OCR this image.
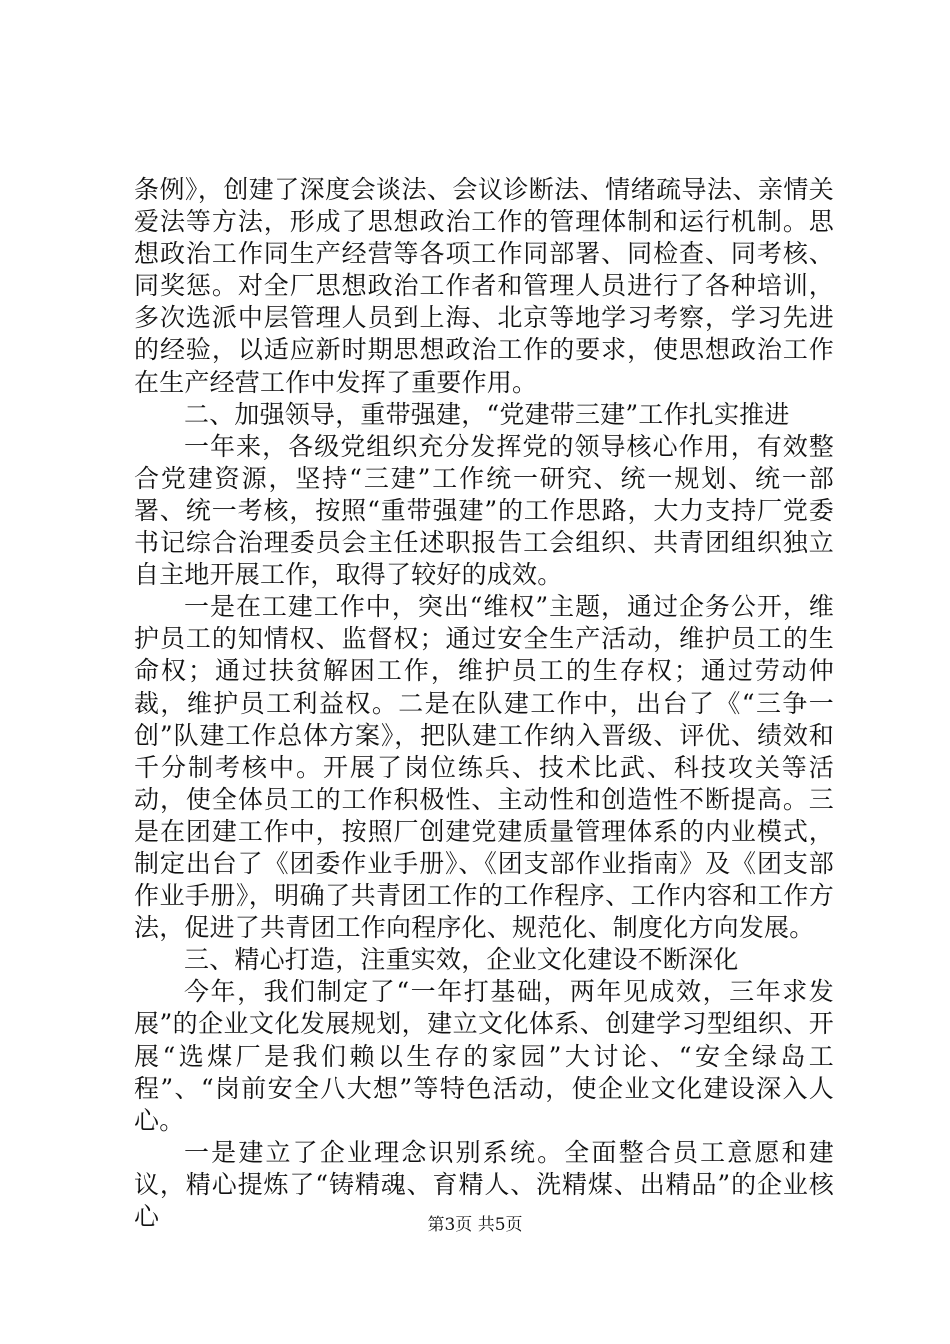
条例》，创建了深度会谈法、会议诊断法、情绪疏导法、亲情关爱法等方法，形成了思想政治工作的管理体制和运行机制。思想政治工作同生产经营等各项工作同部署、同检查、同考核、同奖惩。对全厂思想政治工作者和管理人员进行了各种培训，多次选派中层管理人员到上海、北京等地学习考察，学习先进的经验，以适应新时期思想政治工作的要求，使思想政治工作在生产经营工作中发挥了重要作用。

二、加强领导，重带强建，“党建带三建”工作扎实推进

一年来，各级党组织充分发挥党的领导核心作用，有效整合党建资源，坚持“三建”工作统一研究、统一规划、统一部署、统一考核，按照“重带强建”的工作思路，大力支持厂党委书记综合治理委员会主任述职报告工会组织、共青团组织独立自主地开展工作，取得了较好的成效。

一是在工建工作中，突出“维权”主题，通过企务公开，维护员工的知情权、监督权；通过安全生产活动，维护员工的生命权；通过扶贫解困工作，维护员工的生存权；通过劳动仲裁，维护员工利益权。二是在队建工作中，出台了《“三争一创”队建工作总体方案》，把队建工作纳入晋级、评优、绩效和千分制考核中。开展了岗位练兵、技术比武、科技攻关等活动，使全体员工的工作积极性、主动性和创造性不断提高。三是在团建工作中，按照厂创建党建质量管理体系的内业模式，制定出台了《团委作业手册》、《团支部作业指南》及《团支部作业手册》，明确了共青团工作的工作程序、工作内容和工作方法，促进了共青团工作向程序化、规范化、制度化方向发展。

三、精心打造，注重实效，企业文化建设不断深化

今年，我们制定了“一年打基础，两年见成效，三年求发展”的企业文化发展规划，建立文化体系、创建学习型组织、开展“选煤厂是我们赖以生存的家园”大讨论、“安全绿岛工程”、“岗前安全八大想”等特色活动，使企业文化建设深入人心。

一是建立了企业理念识别系统。全面整合员工意愿和建议，精心提炼了“铸精魂、育精人、洗精煤、出精品”的企业核心	第3页 共5页
